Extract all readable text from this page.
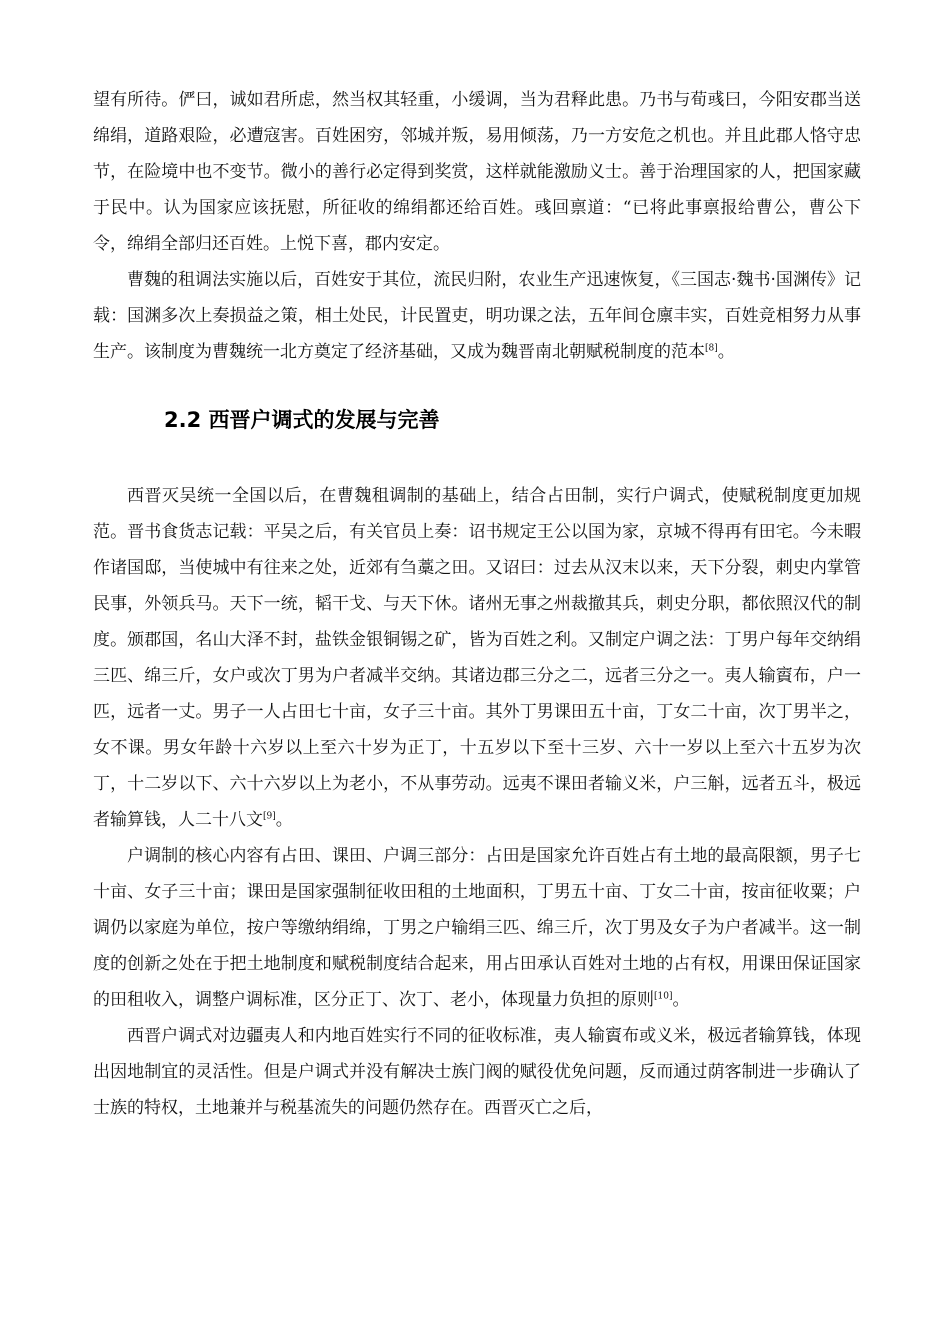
望有所待。俨曰，诚如君所虑，然当权其轻重，小缓调，当为君释此患。乃书与荀彧曰，今阳安郡当送绵绢，道路艰险，必遭寇害。百姓困穷，邻城并叛，易用倾荡，乃一方安危之机也。并且此郡人恪守忠节，在险境中也不变节。微小的善行必定得到奖赏，这样就能激励义士。善于治理国家的人，把国家藏于民中。认为国家应该抚慰，所征收的绵绢都还给百姓。彧回禀道：“已将此事禀报给曹公，曹公下令，绵绢全部归还百姓。上悦下喜，郡内安定。

曹魏的租调法实施以后，百姓安于其位，流民归附，农业生产迅速恢复，《三国志·魏书·国渊传》记载：国渊多次上奏损益之策，相土处民，计民置吏，明功课之法，五年间仓廪丰实，百姓竞相努力从事生产。该制度为曹魏统一北方奠定了经济基础，又成为魏晋南北朝赋税制度的范本[8]。

2.2 西晋户调式的发展与完善

西晋灭吴统一全国以后，在曹魏租调制的基础上，结合占田制，实行户调式，使赋税制度更加规范。晋书食货志记载：平吴之后，有关官员上奏：诏书规定王公以国为家，京城不得再有田宅。今未暇作诸国邸，当使城中有往来之处，近郊有刍藁之田。又诏曰：过去从汉末以来，天下分裂，刺史内掌管民事，外领兵马。天下一统，韬干戈、与天下休。诸州无事之州裁撤其兵，刺史分职，都依照汉代的制度。颁郡国，名山大泽不封，盐铁金银铜锡之矿，皆为百姓之利。又制定户调之法：丁男户每年交纳绢三匹、绵三斤，女户或次丁男为户者减半交纳。其诸边郡三分之二，远者三分之一。夷人输賨布，户一匹，远者一丈。男子一人占田七十亩，女子三十亩。其外丁男课田五十亩，丁女二十亩，次丁男半之，女不课。男女年龄十六岁以上至六十岁为正丁，十五岁以下至十三岁、六十一岁以上至六十五岁为次丁，十二岁以下、六十六岁以上为老小，不从事劳动。远夷不课田者输义米，户三斛，远者五斗，极远者输算钱，人二十八文[9]。

户调制的核心内容有占田、课田、户调三部分：占田是国家允许百姓占有土地的最高限额，男子七十亩、女子三十亩；课田是国家强制征收田租的土地面积，丁男五十亩、丁女二十亩，按亩征收粟；户调仍以家庭为单位，按户等缴纳绢绵，丁男之户输绢三匹、绵三斤，次丁男及女子为户者减半。这一制度的创新之处在于把土地制度和赋税制度结合起来，用占田承认百姓对土地的占有权，用课田保证国家的田租收入，调整户调标准，区分正丁、次丁、老小，体现量力负担的原则[10]。

西晋户调式对边疆夷人和内地百姓实行不同的征收标准，夷人输賨布或义米，极远者输算钱，体现出因地制宜的灵活性。但是户调式并没有解决士族门阀的赋役优免问题，反而通过荫客制进一步确认了士族的特权，土地兼并与税基流失的问题仍然存在。西晋灭亡之后，
